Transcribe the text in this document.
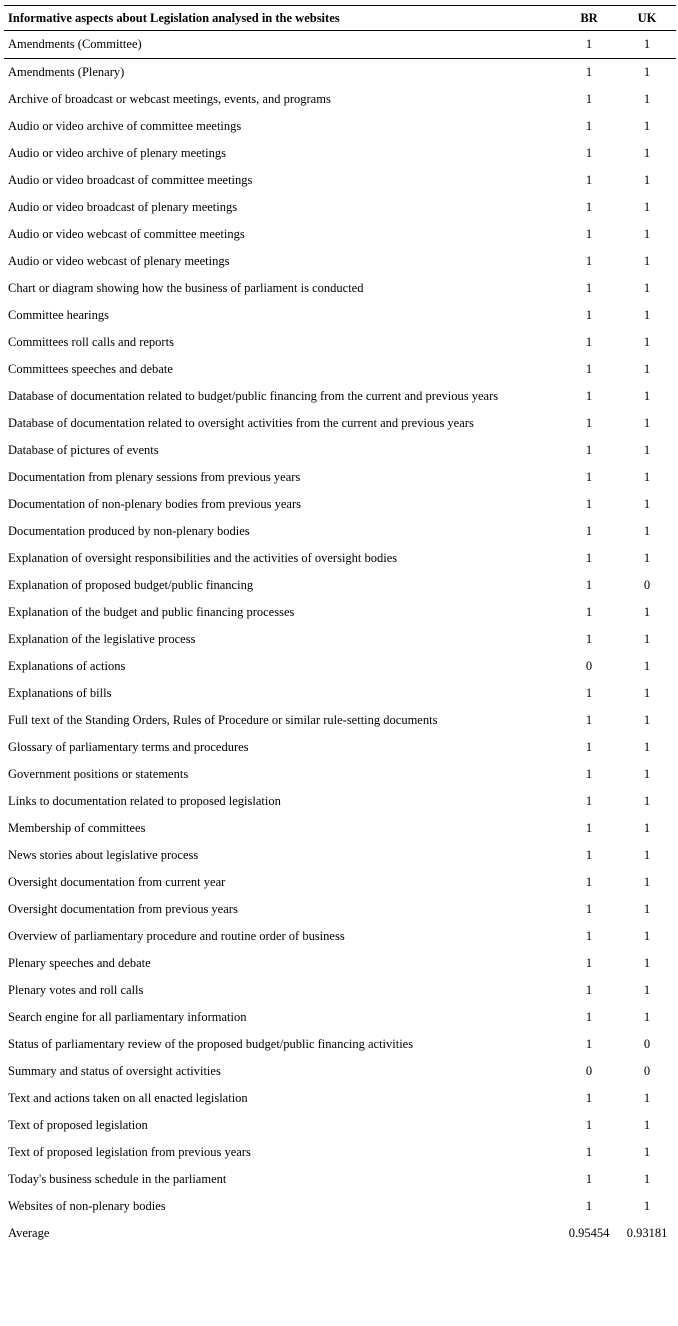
Informative aspects about Legislation analysed in the websites	BR	UK
Amendments (Committee)	1	1
Amendments (Plenary)	1	1
Archive of broadcast or webcast meetings, events, and programs	1	1
Audio or video archive of committee meetings	1	1
Audio or video archive of plenary meetings	1	1
Audio or video broadcast of committee meetings	1	1
Audio or video broadcast of plenary meetings	1	1
Audio or video webcast of committee meetings	1	1
Audio or video webcast of plenary meetings	1	1
Chart or diagram showing how the business of parliament is conducted	1	1
Committee hearings	1	1
Committees roll calls and reports	1	1
Committees speeches and debate	1	1
Database of documentation related to budget/public financing from the current and previous years	1	1
Database of documentation related to oversight activities from the current and previous years	1	1
Database of pictures of events	1	1
Documentation from plenary sessions from previous years	1	1
Documentation of non-plenary bodies from previous years	1	1
Documentation produced by non-plenary bodies	1	1
Explanation of oversight responsibilities and the activities of oversight bodies	1	1
Explanation of proposed budget/public financing	1	0
Explanation of the budget and public financing processes	1	1
Explanation of the legislative process	1	1
Explanations of actions	0	1
Explanations of bills	1	1
Full text of the Standing Orders, Rules of Procedure or similar rule-setting documents	1	1
Glossary of parliamentary terms and procedures	1	1
Government positions or statements	1	1
Links to documentation related to proposed legislation	1	1
Membership of committees	1	1
News stories about legislative process	1	1
Oversight documentation from current year	1	1
Oversight documentation from previous years	1	1
Overview of parliamentary procedure and routine order of business	1	1
Plenary speeches and debate	1	1
Plenary votes and roll calls	1	1
Search engine for all parliamentary information	1	1
Status of parliamentary review of the proposed budget/public financing activities	1	0
Summary and status of oversight activities	0	0
Text and actions taken on all enacted legislation	1	1
Text of proposed legislation	1	1
Text of proposed legislation from previous years	1	1
Today's business schedule in the parliament	1	1
Websites of non-plenary bodies	1	1
Average	0.95454	0.93181
